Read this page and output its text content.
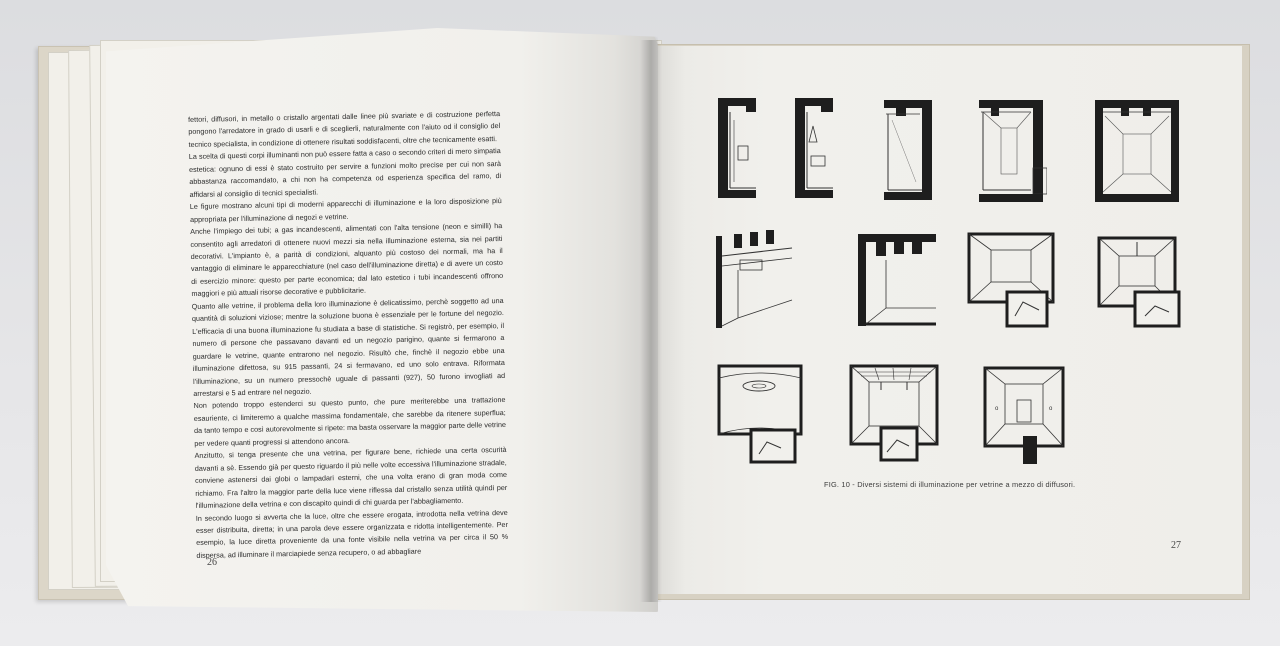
fettori, diffusori, in metallo o cristallo argentati dalle linee più svariate e di costruzione perfetta pongono l'arredatore in grado di usarli e di sceglierli, naturalmente con l'aiuto od il consiglio del tecnico specialista, in condizione di ottenere risultati soddisfacenti, oltre che tecnicamente esatti.

La scelta di questi corpi illuminanti non può essere fatta a caso o secondo criteri di mero simpatia estetica: ognuno di essi è stato costruito per servire a funzioni molto precise per cui non sarà abbastanza raccomandato, a chi non ha competenza od esperienza specifica del ramo, di affidarsi al consiglio di tecnici specialisti.

Le figure mostrano alcuni tipi di moderni apparecchi di illuminazione e la loro disposizione più appropriata per l'illuminazione di negozi e vetrine.

Anche l'impiego dei tubi; a gas incandescenti, alimentati con l'alta tensione (neon e similli) ha consentito agli arredatori di ottenere nuovi mezzi sia nella illuminazione esterna, sia nei partiti decorativi. L'impianto è, a parità di condizioni, alquanto più costoso dei normali, ma ha il vantaggio di eliminare le apparecchiature (nel caso dell'illuminazione diretta) e di avere un costo di esercizio minore: questo per parte economica; dal lato estetico i tubi incandescenti offrono maggiori e più attuali risorse decorative e pubblicitarie.

Quanto alle vetrine, il problema della loro illuminazione è delicatissimo, perchè soggetto ad una quantità di soluzioni viziose; mentre la soluzione buona è essenziale per le fortune del negozio. L'efficacia di una buona illuminazione fu studiata a base di statistiche. Si registrò, per esempio, il numero di persone che passavano davanti ed un negozio parigino, quante si fermarono a guardare le vetrine, quante entrarono nel negozio. Risultò che, finchè il negozio ebbe una illuminazione difettosa, su 915 passanti, 24 si fermavano, ed uno solo entrava. Riformata l'illuminazione, su un numero pressochè uguale di passanti (927), 50 furono invogliati ad arrestarsi e 5 ad entrare nel negozio.

Non potendo troppo estenderci su questo punto, che pure meriterebbe una trattazione esauriente, ci limiteremo a qualche massima fondamentale, che sarebbe da ritenere superflua; da tanto tempo e così autorevolmente si ripete: ma basta osservare la maggior parte delle vetrine per vedere quanti progressi si attendono ancora.

Anzitutto, si tenga presente che una vetrina, per figurare bene, richiede una certa oscurità davanti a sè. Essendo già per questo riguardo il più nelle volte eccessiva l'illuminazione stradale, conviene astenersi dai globi o lampadari esterni, che una volta erano di gran moda come richiamo. Fra l'altro la maggior parte della luce viene riflessa dal cristallo senza utilità quindi per l'illuminazione della vetrina e con discapito quindi di chi guarda per l'abbagliamento.

In secondo luogo si avverta che la luce, oltre che essere erogata, introdotta nella vetrina deve esser distribuita, diretta; in una parola deve essere organizzata e ridotta intelligentemente. Per esempio, la luce diretta proveniente da una fonte visibile nella vetrina va per circa il 50 % dispersa, ad illuminare il marciapiede senza recupero, o ad abbagliare

26
27
o	o
FIG. 10 - Diversi sistemi di illuminazione per vetrine a mezzo di diffusori.
